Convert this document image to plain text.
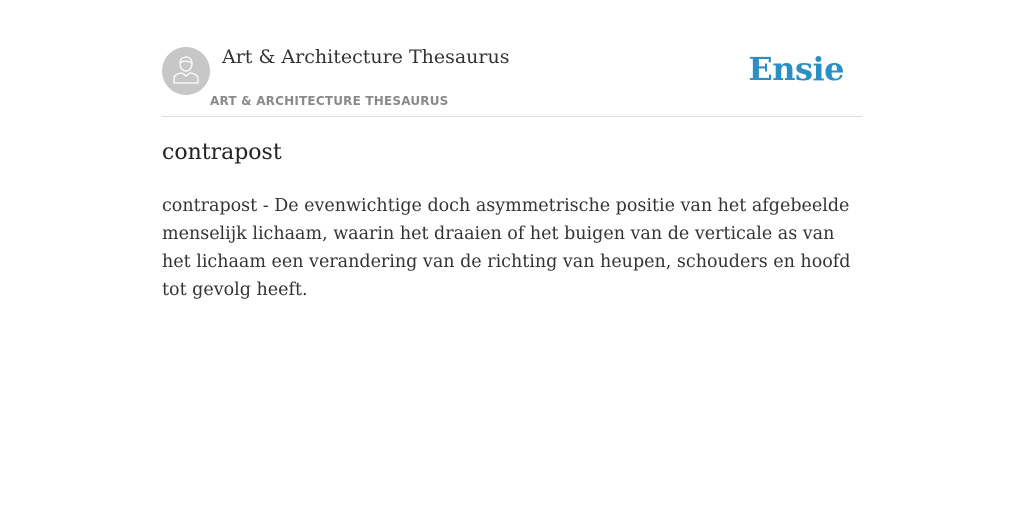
Art & Architecture Thesaurus
ART & ARCHITECTURE THESAURUS
Ensie
contrapost

contrapost - De evenwichtige doch asymmetrische positie van het afgebeelde menselijk lichaam, waarin het draaien of het buigen van de verticale as van het lichaam een verandering van de richting van heupen, schouders en hoofd tot gevolg heeft.
